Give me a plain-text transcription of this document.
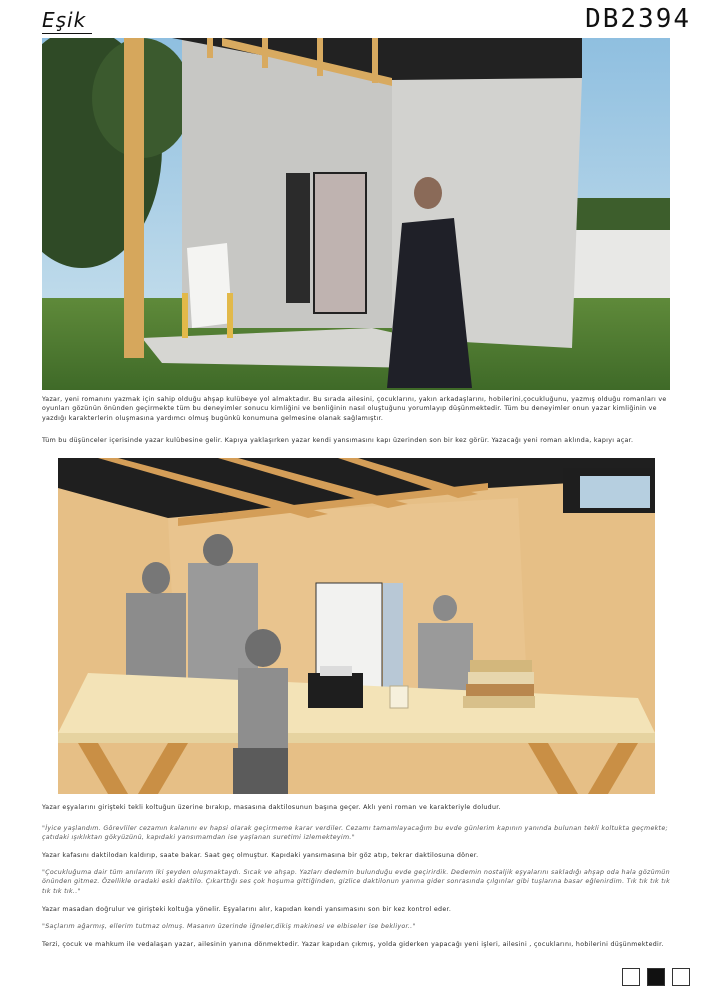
Eşik	DB2394
Yazar, yeni romanını yazmak için sahip olduğu ahşap kulübeye yol almaktadır. Bu sırada ailesini, çocuklarını, yakın arkadaşlarını, hobilerini,çocukluğunu, yazmış olduğu romanları ve oyunları gözünün önünden geçirmekte tüm bu deneyimler sonucu kimliğini ve benliğinin nasıl oluştuğunu yorumlayıp düşünmektedir. Tüm bu deneyimler onun yazar kimliğinin ve yazdığı karakterlerin oluşmasına yardımcı olmuş bugünkü konumuna gelmesine olanak sağlamıştır.
Tüm bu düşünceler içerisinde yazar kulübesine gelir. Kapıya yaklaşırken yazar kendi yansımasını kapı üzerinden son bir kez görür. Yazacağı yeni roman aklında, kapıyı açar.
Yazar eşyalarını girişteki tekli koltuğun üzerine bırakıp, masasına daktilosunun başına geçer. Aklı yeni roman ve karakteriyle doludur.
"İyice yaşlandım. Görevliler cezamın kalanını ev hapsi olarak geçirmeme karar verdiler. Cezamı tamamlayacağım bu evde günlerim kapının yanında bulunan tekli koltukta geçmekte; çatıdaki ışıklıktan gökyüzünü, kapıdaki yansımamdan ise yaşlanan suretimi izlemekteyim."
Yazar kafasını daktilodan kaldırıp, saate bakar. Saat geç olmuştur. Kapıdaki yansımasına bir göz atıp, tekrar daktilosuna döner.
"Çocukluğuma dair tüm anılarım iki şeyden oluşmaktaydı. Sıcak ve ahşap. Yazları dedemin bulunduğu evde geçirirdik. Dedemin nostaljik eşyalarını sakladığı ahşap oda hala gözümün önünden gitmez. Özellikle oradaki eski daktilo. Çıkarttığı ses çok hoşuma gittiğinden, gizlice daktilonun yanına gider sonrasında çılgınlar gibi tuşlarına basar eğlenirdim. Tık tık tık tık tık tık tık.."
Yazar masadan doğrulur ve girişteki koltuğa yönelir. Eşyalarını alır, kapıdan kendi yansımasını son bir kez kontrol eder.
"Saçlarım ağarmış, ellerim tutmaz olmuş. Masanın üzerinde iğneler,dikiş makinesi ve elbiseler ise bekliyor.."
Terzi, çocuk ve mahkum ile vedalaşan yazar, ailesinin yanına dönmektedir. Yazar kapıdan çıkmış, yolda giderken yapacağı yeni işleri, ailesini , çocuklarını, hobilerini düşünmektedir.
